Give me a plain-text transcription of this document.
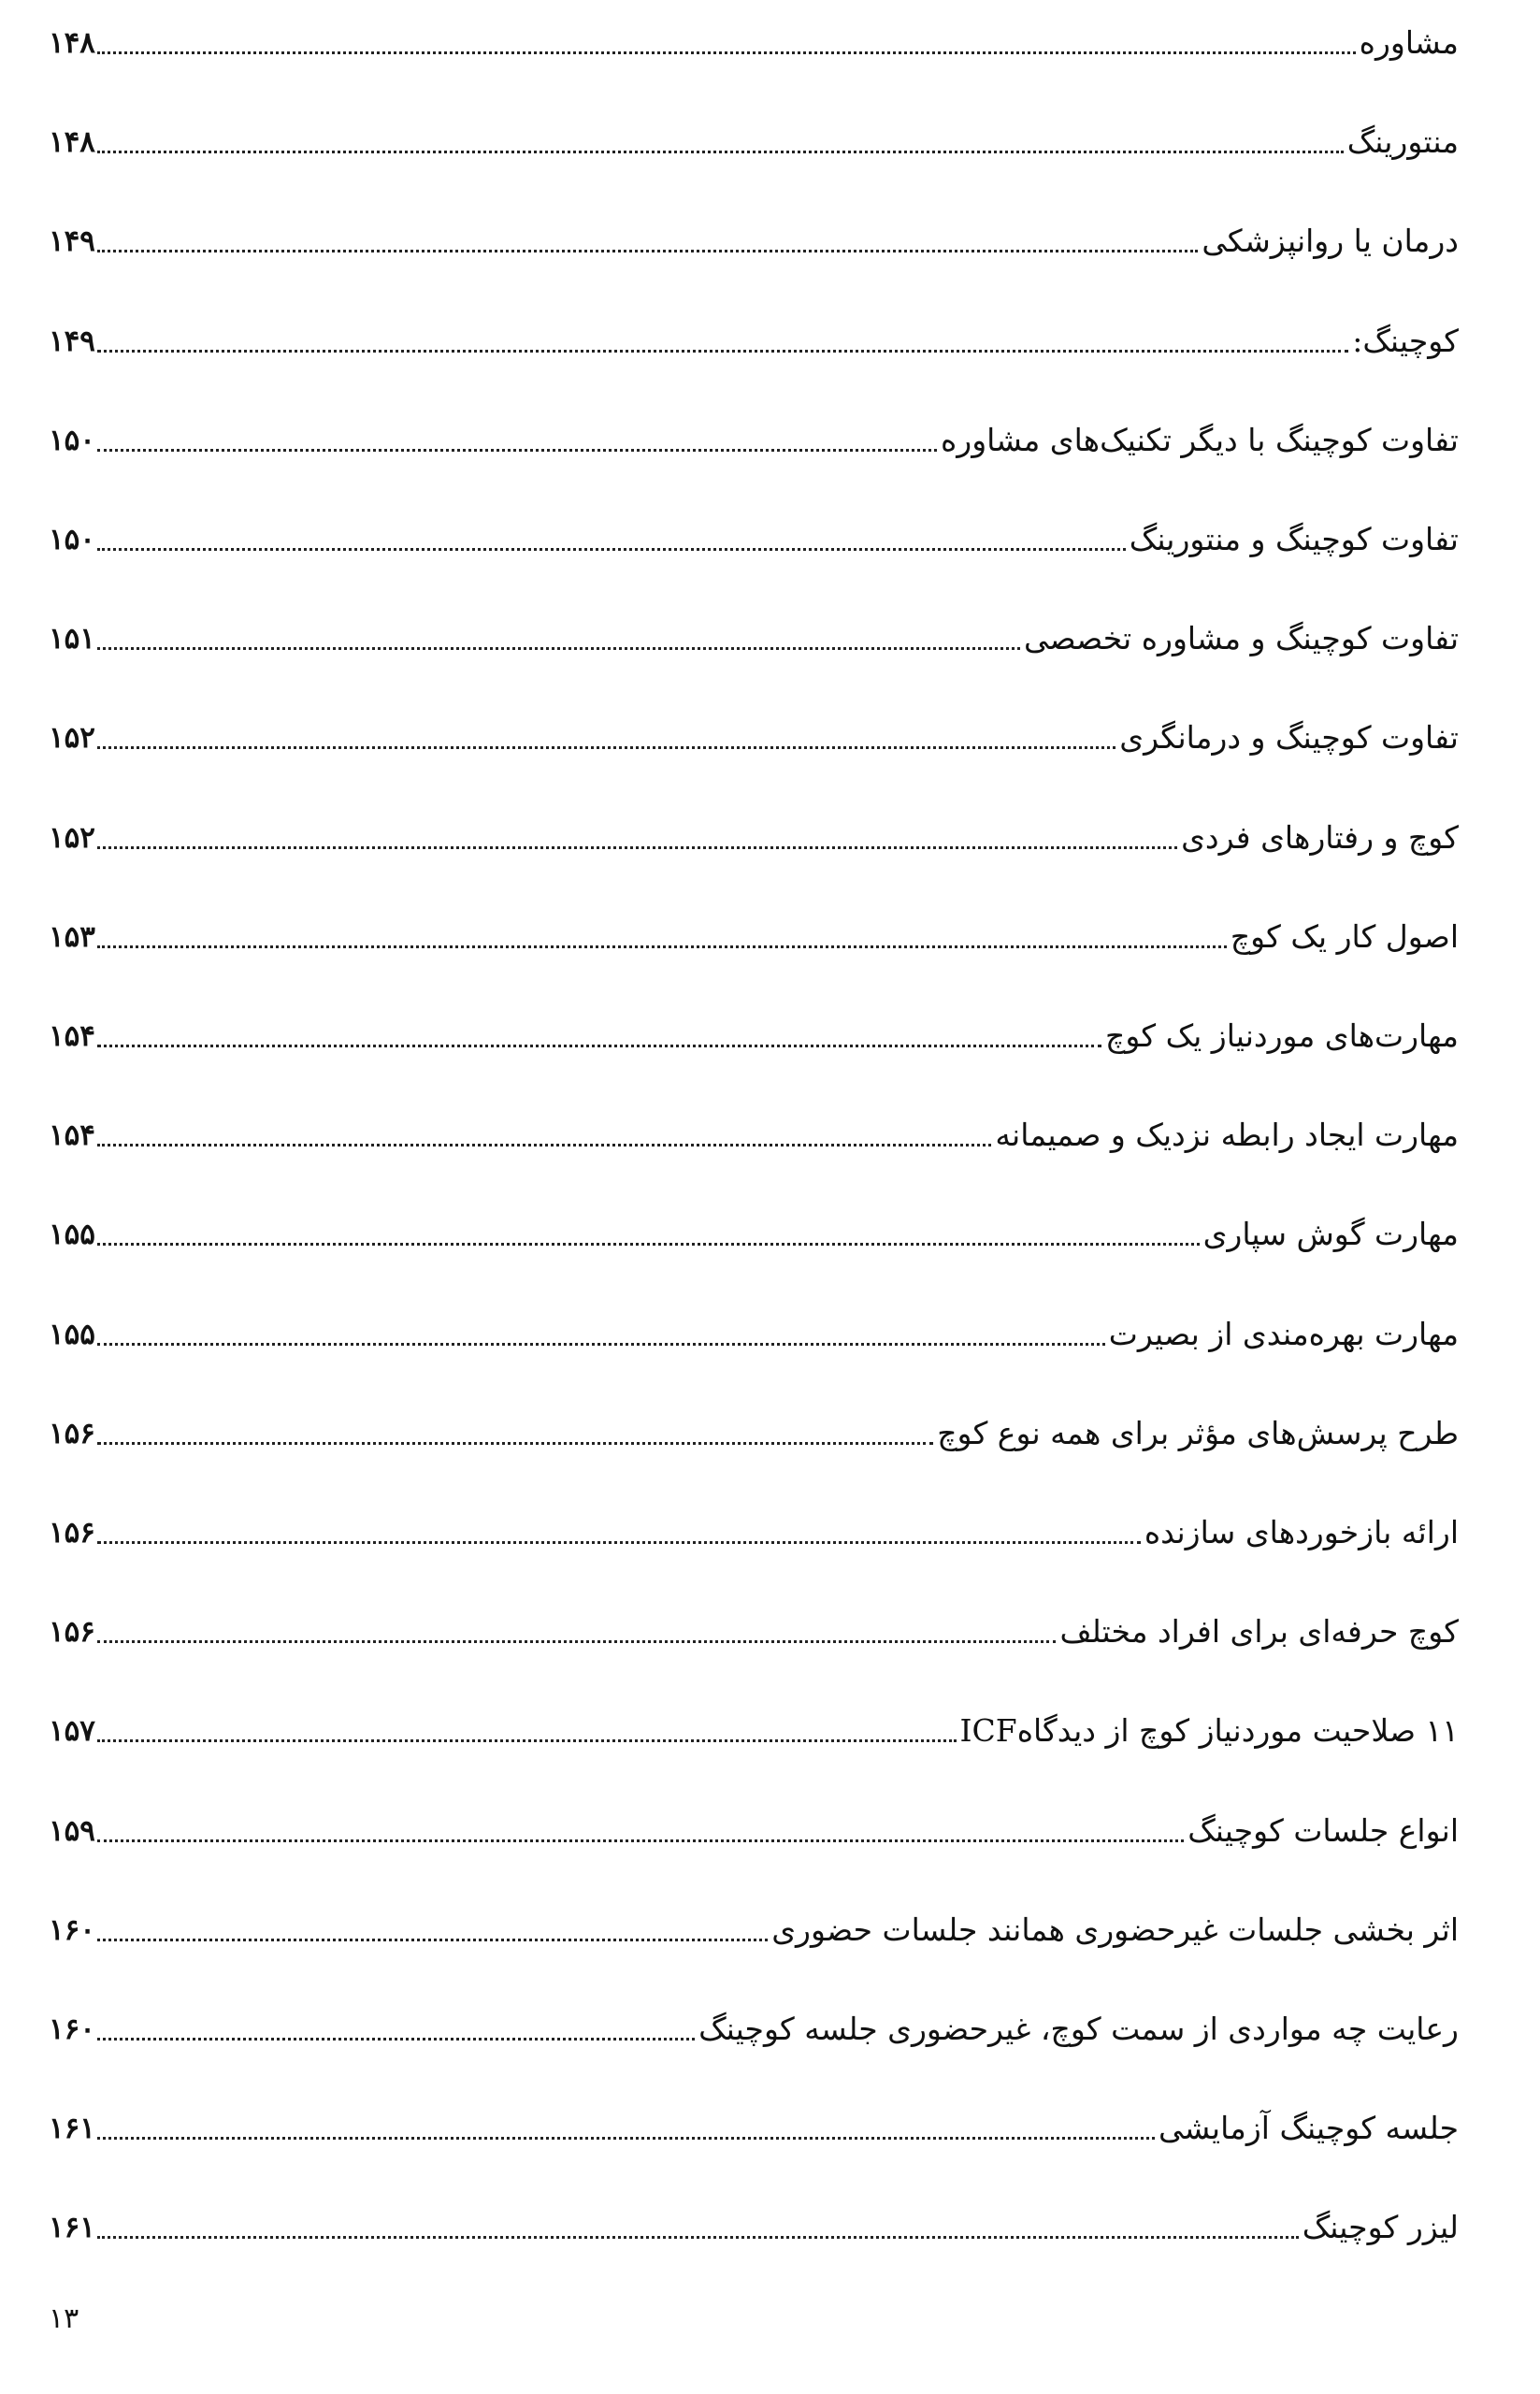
مشاوره
۱۴۸
منتورینگ
۱۴۸
درمان یا روانپزشکی
۱۴۹
کوچینگ:
۱۴۹
تفاوت کوچینگ با دیگر تکنیک‌های مشاوره
۱۵۰
تفاوت کوچینگ و منتورینگ
۱۵۰
تفاوت کوچینگ و مشاوره تخصصی
۱۵۱
تفاوت کوچینگ و درمانگری
۱۵۲
کوچ و رفتارهای فردی
۱۵۲
اصول کار یک کوچ
۱۵۳
مهارت‌های موردنیاز یک کوچ
۱۵۴
مهارت ایجاد رابطه نزدیک و صمیمانه
۱۵۴
مهارت گوش سپاری
۱۵۵
مهارت بهره‌مندی از بصیرت
۱۵۵
طرح پرسش‌های مؤثر برای همه نوع کوچ
۱۵۶
ارائه بازخوردهای سازنده
۱۵۶
کوچ حرفه‌ای برای افراد مختلف
۱۵۶
۱۱ صلاحیت موردنیاز کوچ از دیدگاهICF
۱۵۷
انواع جلسات کوچینگ
۱۵۹
اثر بخشی جلسات غیرحضوری همانند جلسات حضوری
۱۶۰
رعایت چه مواردی از سمت کوچ، غیرحضوری جلسه کوچینگ
۱۶۰
جلسه کوچینگ آزمایشی
۱۶۱
لیزر کوچینگ
۱۶۱
۱۳
